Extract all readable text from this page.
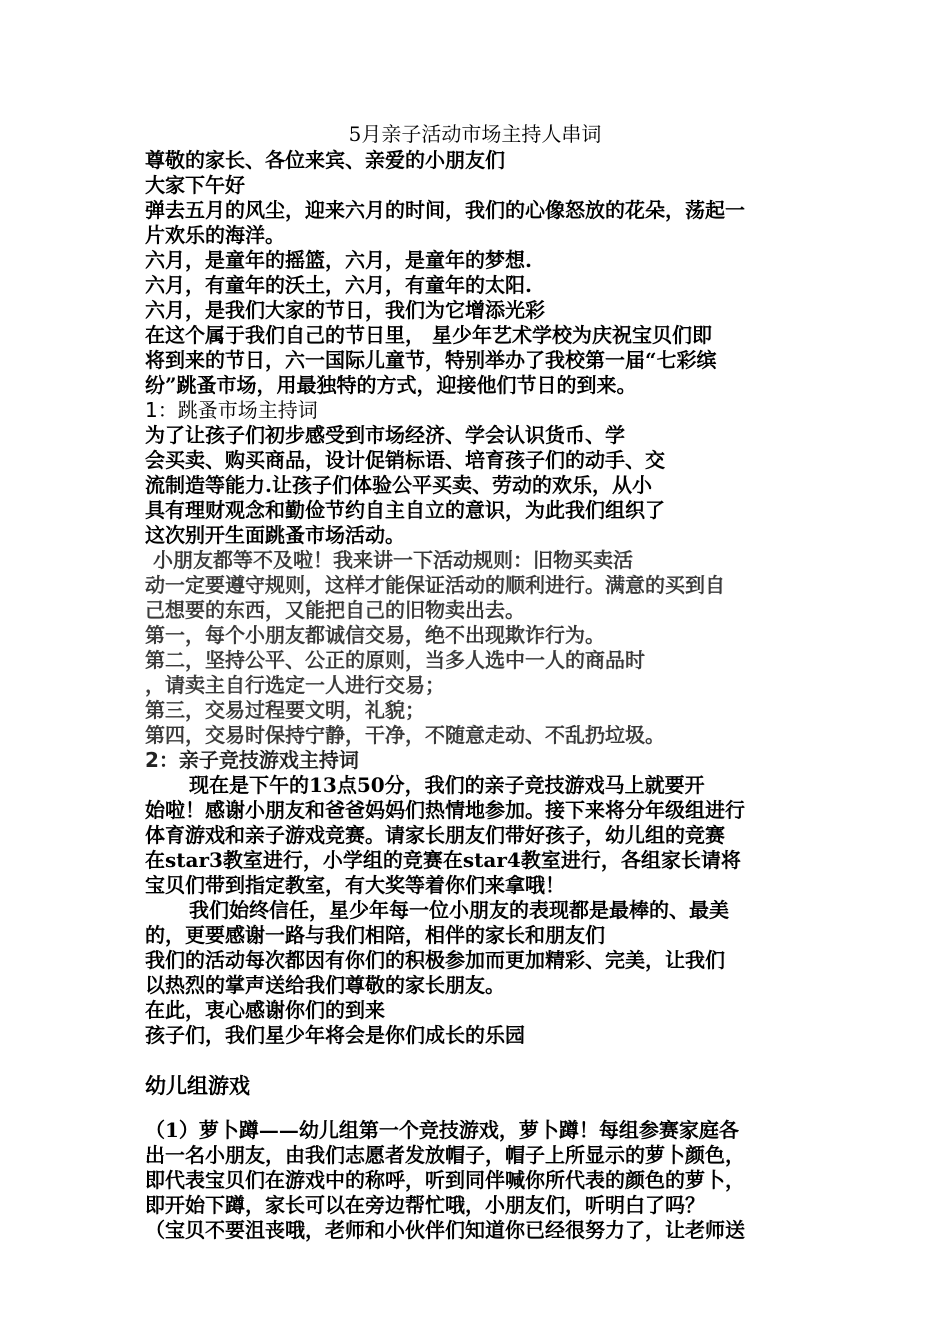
5月亲子活动市场主持人串词
尊敬的家长、各位来宾、亲爱的小朋友们
大家下午好
弹去五月的风尘，迎来六月的时间，我们的心像怒放的花朵，荡起一
片欢乐的海洋。
六月，是童年的摇篮，六月，是童年的梦想.
六月，有童年的沃土，六月，有童年的太阳.
六月，是我们大家的节日，我们为它增添光彩
在这个属于我们自己的节日里， 星少年艺术学校为庆祝宝贝们即
将到来的节日，六一国际儿童节，特别举办了我校第一届“七彩缤
纷”跳蚤市场，用最独特的方式，迎接他们节日的到来。
1：跳蚤市场主持词
为了让孩子们初步感受到市场经济、学会认识货币、学
会买卖、购买商品，设计促销标语、培育孩子们的动手、交
流制造等能力.让孩子们体验公平买卖、劳动的欢乐，从小
具有理财观念和勤俭节约自主自立的意识，为此我们组织了
这次别开生面跳蚤市场活动。
小朋友都等不及啦！我来讲一下活动规则：旧物买卖活
动一定要遵守规则，这样才能保证活动的顺利进行。满意的买到自
己想要的东西，又能把自己的旧物卖出去。
第一，每个小朋友都诚信交易，绝不出现欺诈行为。
第二，坚持公平、公正的原则，当多人选中一人的商品时
，请卖主自行选定一人进行交易；
第三，交易过程要文明，礼貌；
第四，交易时保持宁静，干净，不随意走动、不乱扔垃圾。
2：亲子竞技游戏主持词
现在是下午的13点50分，我们的亲子竞技游戏马上就要开
始啦！感谢小朋友和爸爸妈妈们热情地参加。接下来将分年级组进行
体育游戏和亲子游戏竞赛。请家长朋友们带好孩子，幼儿组的竞赛
在star3教室进行，小学组的竞赛在star4教室进行，各组家长请将
宝贝们带到指定教室，有大奖等着你们来拿哦！
我们始终信任，星少年每一位小朋友的表现都是最棒的、最美
的，更要感谢一路与我们相陪，相伴的家长和朋友们
我们的活动每次都因有你们的积极参加而更加精彩、完美，让我们
以热烈的掌声送给我们尊敬的家长朋友。
在此，衷心感谢你们的到来
孩子们，我们星少年将会是你们成长的乐园
幼儿组游戏
（1）萝卜蹲——幼儿组第一个竞技游戏，萝卜蹲！每组参赛家庭各
出一名小朋友，由我们志愿者发放帽子，帽子上所显示的萝卜颜色，
即代表宝贝们在游戏中的称呼，听到同伴喊你所代表的颜色的萝卜，
即开始下蹲，家长可以在旁边帮忙哦，小朋友们，听明白了吗？
（宝贝不要沮丧哦，老师和小伙伴们知道你已经很努力了，让老师送
